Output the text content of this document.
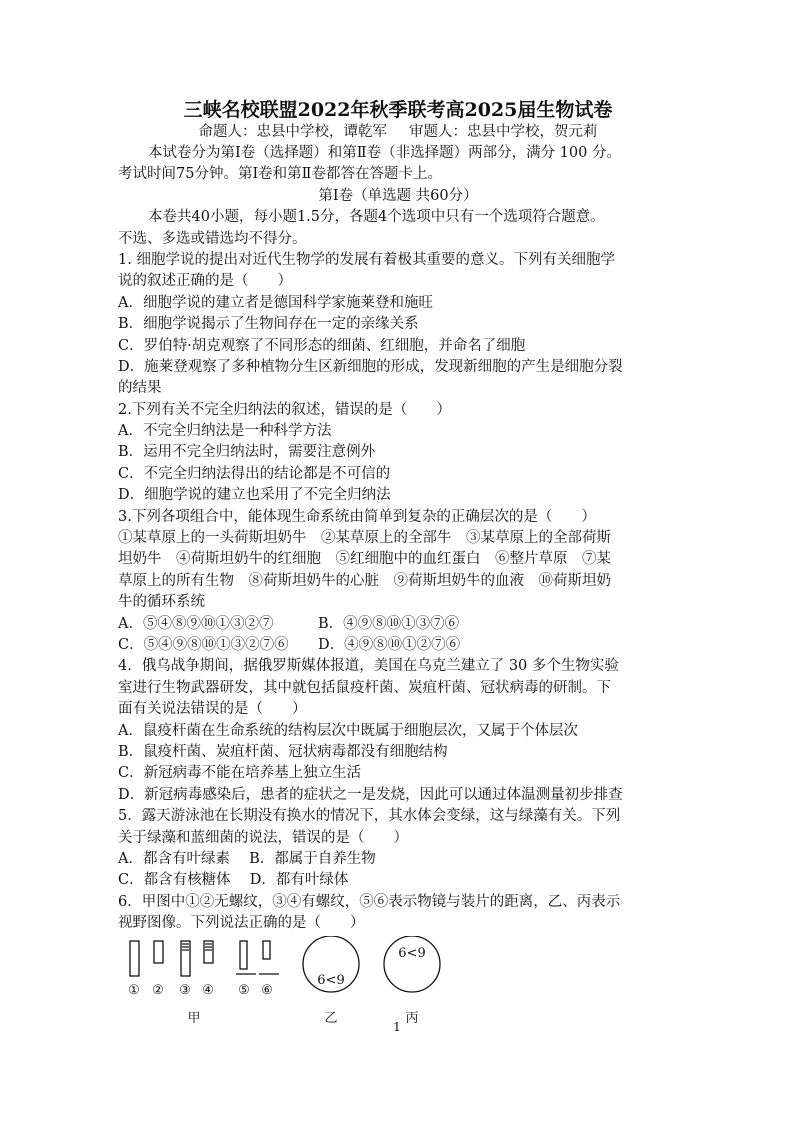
三峡名校联盟2022年秋季联考高2025届生物试卷
命题人：忠县中学校，谭乾军 审题人：忠县中学校，贺元莉
本试卷分为第Ⅰ卷（选择题）和第Ⅱ卷（非选择题）两部分，满分 100 分。
考试时间75分钟。第Ⅰ卷和第Ⅱ卷都答在答题卡上。
第Ⅰ卷（单选题 共60分）
本卷共40小题，每小题1.5分，各题4个选项中只有一个选项符合题意。
不选、多选或错选均不得分。
1. 细胞学说的提出对近代生物学的发展有着极其重要的意义。下列有关细胞学
说的叙述正确的是（　　）
A．细胞学说的建立者是德国科学家施莱登和施旺
B．细胞学说揭示了生物间存在一定的亲缘关系
C．罗伯特·胡克观察了不同形态的细菌、红细胞，并命名了细胞
D．施莱登观察了多种植物分生区新细胞的形成，发现新细胞的产生是细胞分裂
的结果
2.下列有关不完全归纳法的叙述，错误的是（　　）
A．不完全归纳法是一种科学方法
B．运用不完全归纳法时，需要注意例外
C．不完全归纳法得出的结论都是不可信的
D．细胞学说的建立也采用了不完全归纳法
3.下列各项组合中，能体现生命系统由简单到复杂的正确层次的是（　　）
①某草原上的一头荷斯坦奶牛　②某草原上的全部牛　③某草原上的全部荷斯
坦奶牛　④荷斯坦奶牛的红细胞　⑤红细胞中的血红蛋白　⑥整片草原　⑦某
草原上的所有生物　⑧荷斯坦奶牛的心脏　⑨荷斯坦奶牛的血液　⑩荷斯坦奶
牛的循环系统
A．⑤④⑧⑨⑩①③②⑦	B．④⑨⑧⑩①③⑦⑥
C．⑤④⑨⑧⑩①③②⑦⑥ D．④⑨⑧⑩①②⑦⑥
4．俄乌战争期间，据俄罗斯媒体报道，美国在乌克兰建立了 30 多个生物实验
室进行生物武器研发，其中就包括鼠疫杆菌、炭疽杆菌、冠状病毒的研制。下
面有关说法错误的是（　　）
A．鼠疫杆菌在生命系统的结构层次中既属于细胞层次，又属于个体层次
B．鼠疫杆菌、炭疽杆菌、冠状病毒都没有细胞结构
C．新冠病毒不能在培养基上独立生活
D．新冠病毒感染后，患者的症状之一是发烧，因此可以通过体温测量初步排查
5．露天游泳池在长期没有换水的情况下，其水体会变绿，这与绿藻有关。下列
关于绿藻和蓝细菌的说法，错误的是（　　）
A．都含有叶绿素　 B．都属于自养生物
C．都含有核糖体　 D．都有叶绿体
6．甲图中①②无螺纹，③④有螺纹，⑤⑥表示物镜与装片的距离，乙、丙表示
视野图像。下列说法正确的是（　　）
① ② ③ ④ ⑤ ⑥
6<9
6<9
甲	乙	丙
1
